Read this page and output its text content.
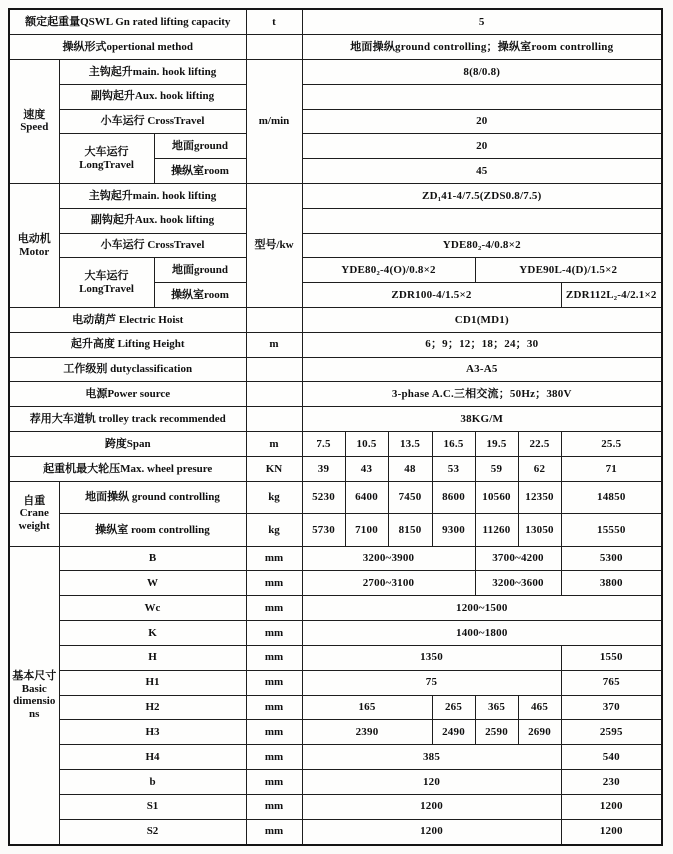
额定起重量QSWL Gn rated lifting capacity			t	5						
操纵形式opertional method				地面操纵ground controlling；操纵室room controlling						
速度 Speed	主钩起升main. hook lifting		m/min	8(8/0.8)						
	副钩起升Aux. hook lifting									
	小车运行 CrossTravel			20						
	大车运行 LongTravel	地面ground		20						
		操纵室room		45						
电动机 Motor	主钩起升main. hook lifting		型号/kw	ZD₁41-4/7.5(ZDS0.8/7.5)						
	副钩起升Aux. hook lifting									
	小车运行 CrossTravel			YDE80₂-4/0.8×2						
	大车运行 LongTravel	地面ground		YDE80₂-4(O)/0.8×2				YDE90L-4(D)/1.5×2		
		操纵室room		ZDR100-4/1.5×2						ZDR112L₂-4/2.1×2
电动葫芦 Electric Hoist				CD1(MD1)						
起升高度 Lifting Height			m	6；9；12；18；24；30						
工作级别 dutyclassification				A3-A5						
电源Power source				3-phase A.C.三相交流；50Hz；380V						
荐用大车道轨 trolley track recommended				38KG/M						
跨度Span			m	7.5	10.5	13.5	16.5	19.5	22.5	25.5
起重机最大轮压Max. wheel presure			KN	39	43	48	53	59	62	71
自重 Crane weight	地面操纵 ground controlling		kg	5230	6400	7450	8600	10560	12350	14850
	操纵室 room controlling		kg	5730	7100	8150	9300	11260	13050	15550
基本尺寸 Basic dimensions	B		mm	3200~3900				3700~4200		5300
	W		mm	2700~3100				3200~3600		3800
	Wc		mm	1200~1500						
	K		mm	1400~1800						
	H		mm	1350						1550
	H1		mm	75						765
	H2		mm	165			265	365	465	370
	H3		mm	2390			2490	2590	2690	2595
	H4		mm	385						540
	b		mm	120						230
	S1		mm	1200						1200
	S2		mm	1200						1200
